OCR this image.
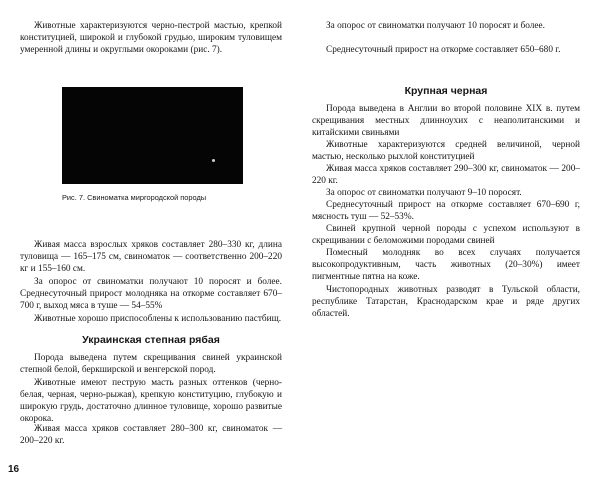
Животные характеризуются черно-пестрой мастью, крепкой конституцией, широкой и глубокой грудью, широким туловищем умеренной длины и округлыми окороками (рис. 7).

Рис. 7. Свиноматка миргородской породы

Живая масса взрослых хряков составляет 280–330 кг, длина туловища — 165–175 см, свиноматок — соответственно 200–220 кг и 155–160 см.

За опорос от свиноматки получают 10 поросят и более. Среднесуточный прирост молодняка на откорме составляет 670–700 г, выход мяса в туше — 54–55%

Животные хорошо приспособлены к использованию пастбищ.

Украинская степная рябая

Порода выведена путем скрещивания свиней украинской степной белой, беркширской и венгерской пород.

Животные имеют пеструю масть разных оттенков (черно-белая, черная, черно-рыжая), крепкую конституцию, глубокую и широкую грудь, достаточно длинное туловище, хорошо развитые окорока.

Живая масса хряков составляет 280–300 кг, свиноматок — 200–220 кг.

16

За опорос от свиноматки получают 10 поросят и более.

Среднесуточный прирост на откорме составляет 650–680 г.

Крупная черная

Порода выведена в Англии во второй половине XIX в. путем скрещивания местных длинноухих с неаполитанскими и китайскими свиньями

Животные характеризуются средней величиной, черной мастью, несколько рыхлой конституцией

Живая масса хряков составляет 290–300 кг, свиноматок — 200–220 кг.

За опорос от свиноматки получают 9–10 поросят.

Среднесуточный прирост на откорме составляет 670–690 г, мясность туш — 52–53%.

Свиней крупной черной породы с успехом используют в скрещивании с беломожими породами свиней

Помесный молодняк во всех случаях получается высокопродуктивным, часть животных (20–30%) имеет пигментные пятна на коже.

Чистопородных животных разводят в Тульской области, республике Татарстан, Краснодарском крае и ряде других областей.
